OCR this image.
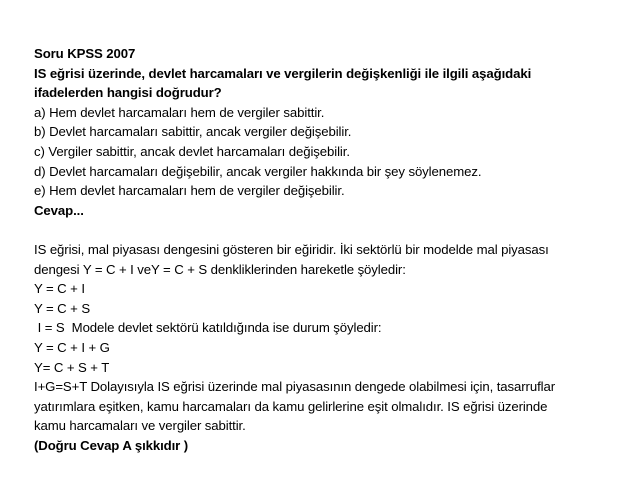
Soru KPSS 2007
IS eğrisi üzerinde, devlet harcamaları ve vergilerin değişkenliği ile ilgili aşağıdaki
ifadelerden hangisi doğrudur?
a) Hem devlet harcamaları hem de vergiler sabittir.
b) Devlet harcamaları sabittir, ancak vergiler değişebilir.
c) Vergiler sabittir, ancak devlet harcamaları değişebilir.
d) Devlet harcamaları değişebilir, ancak vergiler hakkında bir şey söylenemez.
e) Hem devlet harcamaları hem de vergiler değişebilir.
Cevap...
IS eğrisi, mal piyasası dengesini gösteren bir eğiridir. İki sektörlü bir modelde mal piyasası
dengesi Y = C + I veY = C + S denkliklerinden hareketle şöyledir:
Y = C + I
Y = C + S
I = S  Modele devlet sektörü katıldığında ise durum şöyledir:
Y = C + I + G
Y= C + S + T
I+G=S+T Dolayısıyla IS eğrisi üzerinde mal piyasasının dengede olabilmesi için, tasarruflar
yatırımlara eşitken, kamu harcamaları da kamu gelirlerine eşit olmalıdır. IS eğrisi üzerinde
kamu harcamaları ve vergiler sabittir.
(Doğru Cevap A şıkkıdır )
